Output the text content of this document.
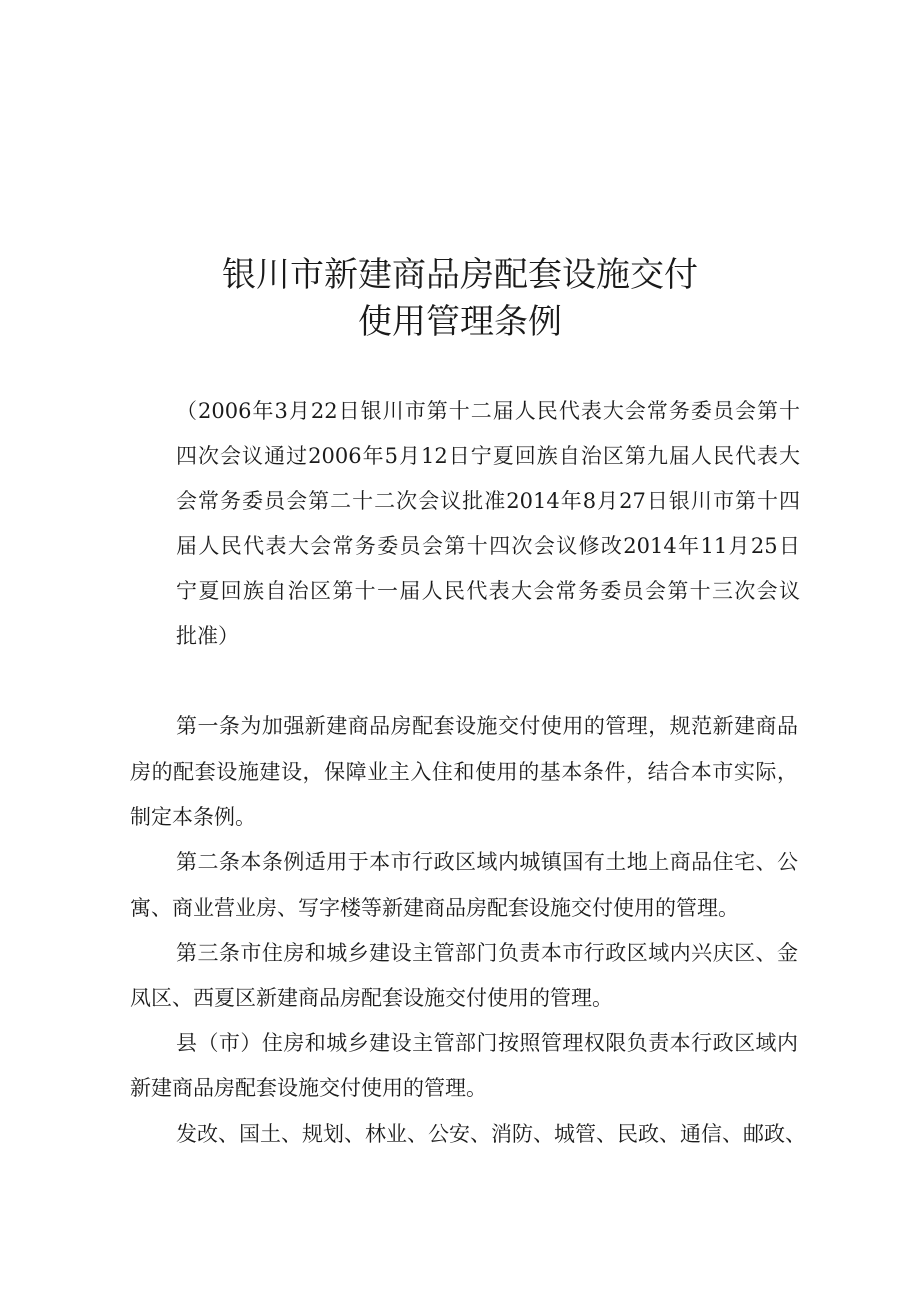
银川市新建商品房配套设施交付
使用管理条例
（2006年3月22日银川市第十二届人民代表大会常务委员会第十
四次会议通过2006年5月12日宁夏回族自治区第九届人民代表大
会常务委员会第二十二次会议批准2014年8月27日银川市第十四
届人民代表大会常务委员会第十四次会议修改2014年11月25日
宁夏回族自治区第十一届人民代表大会常务委员会第十三次会议
批准）
第一条为加强新建商品房配套设施交付使用的管理，规范新建商品
房的配套设施建设，保障业主入住和使用的基本条件，结合本市实际，
制定本条例。
第二条本条例适用于本市行政区域内城镇国有土地上商品住宅、公
寓、商业营业房、写字楼等新建商品房配套设施交付使用的管理。
第三条市住房和城乡建设主管部门负责本市行政区域内兴庆区、金
凤区、西夏区新建商品房配套设施交付使用的管理。
县（市）住房和城乡建设主管部门按照管理权限负责本行政区域内
新建商品房配套设施交付使用的管理。
发改、国土、规划、林业、公安、消防、城管、民政、通信、邮政、
